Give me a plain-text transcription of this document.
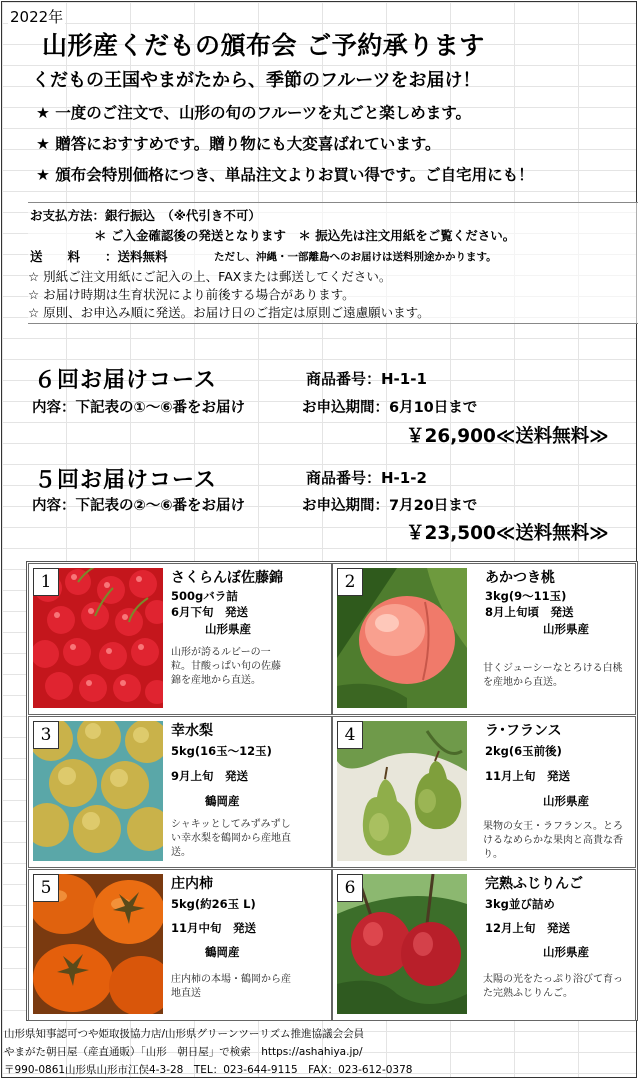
2022年
山形産くだもの頒布会 ご予約承ります
くだもの王国やまがたから、季節のフルーツをお届け！
★ 一度のご注文で、山形の旬のフルーツを丸ごと楽しめます。
★ 贈答におすすめです。贈り物にも大変喜ばれています。
★ 頒布会特別価格につき、単品注文よりお買い得です。ご自宅用にも！
お支払方法：銀行振込　（※代引き不可）
＊ ご入金確認後の発送となります　＊ 振込先は注文用紙をご覧ください。
送　　料　　：送料無料	ただし、沖縄・一部離島へのお届けは送料別途かかります。
☆ 別紙ご注文用紙にご記入の上、FAXまたは郵送してください。
☆ お届け時期は生育状況により前後する場合があります。
☆ 原則、お申込み順に発送。お届け日のご指定は原則ご遠慮願います。
６回お届けコース	商品番号：H-1-1
内容：下記表の①～⑥番をお届け	お申込期間：6月10日まで
￥26,900≪送料無料≫
５回お届けコース	商品番号：H-1-2
内容：下記表の②～⑥番をお届け	お申込期間：7月20日まで
￥23,500≪送料無料≫
1	さくらんぼ佐藤錦
500gバラ詰
6月下旬　発送
山形県産
山形が誇るルビーの一粒。甘酸っぱい旬の佐藤錦を産地から直送。
2	あかつき桃
3kg(9～11玉)
8月上旬頃　発送
山形県産
甘くジューシーなとろける白桃を産地から直送。
3	幸水梨
5kg(16玉～12玉)
9月上旬　発送
鶴岡産
シャキッとしてみずみずしい幸水梨を鶴岡から産地直送。
4	ラ･フランス
2kg(6玉前後)
11月上旬　発送
山形県産
果物の女王・ラフランス。とろけるなめらかな果肉と高貴な香り。
5	庄内柿
5kg(約26玉 L)
11月中旬　発送
鶴岡産
庄内柿の本場・鶴岡から産地直送
6	完熟ふじりんご
3kg並び詰め
12月上旬　発送
山形県産
太陽の光をたっぷり浴びて育った完熟ふじりんご。
山形県知事認可つや姫取扱協力店/山形県グリーンツーリズム推進協議会会員
やまがた朝日屋（産直通販）「山形　朝日屋」で検索　https://ashahiya.jp/
〒990-0861山形県山形市江俣4-3-28　TEL：023-644-9115　FAX：023-612-0378
